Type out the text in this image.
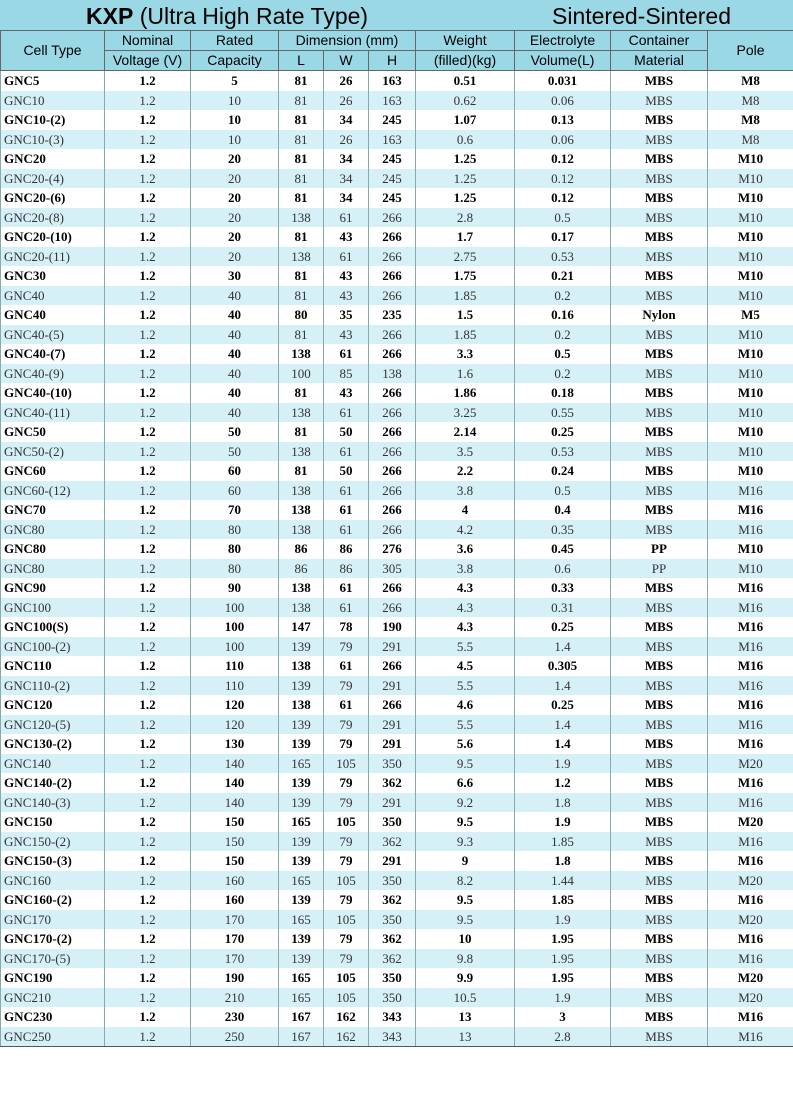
KXP (Ultra High Rate Type)	Sintered-Sintered
Cell Type	Nominal	Rated	Dimension (mm)			Weight	Electrolyte	Container	Pole
	Voltage (V)	Capacity	L	W	H	(filled)(kg)	Volume(L)	Material	
GNC5	1.2	5	81	26	163	0.51	0.031	MBS	M8
GNC10	1.2	10	81	26	163	0.62	0.06	MBS	M8
GNC10-(2)	1.2	10	81	34	245	1.07	0.13	MBS	M8
GNC10-(3)	1.2	10	81	26	163	0.6	0.06	MBS	M8
GNC20	1.2	20	81	34	245	1.25	0.12	MBS	M10
GNC20-(4)	1.2	20	81	34	245	1.25	0.12	MBS	M10
GNC20-(6)	1.2	20	81	34	245	1.25	0.12	MBS	M10
GNC20-(8)	1.2	20	138	61	266	2.8	0.5	MBS	M10
GNC20-(10)	1.2	20	81	43	266	1.7	0.17	MBS	M10
GNC20-(11)	1.2	20	138	61	266	2.75	0.53	MBS	M10
GNC30	1.2	30	81	43	266	1.75	0.21	MBS	M10
GNC40	1.2	40	81	43	266	1.85	0.2	MBS	M10
GNC40	1.2	40	80	35	235	1.5	0.16	Nylon	M5
GNC40-(5)	1.2	40	81	43	266	1.85	0.2	MBS	M10
GNC40-(7)	1.2	40	138	61	266	3.3	0.5	MBS	M10
GNC40-(9)	1.2	40	100	85	138	1.6	0.2	MBS	M10
GNC40-(10)	1.2	40	81	43	266	1.86	0.18	MBS	M10
GNC40-(11)	1.2	40	138	61	266	3.25	0.55	MBS	M10
GNC50	1.2	50	81	50	266	2.14	0.25	MBS	M10
GNC50-(2)	1.2	50	138	61	266	3.5	0.53	MBS	M10
GNC60	1.2	60	81	50	266	2.2	0.24	MBS	M10
GNC60-(12)	1.2	60	138	61	266	3.8	0.5	MBS	M16
GNC70	1.2	70	138	61	266	4	0.4	MBS	M16
GNC80	1.2	80	138	61	266	4.2	0.35	MBS	M16
GNC80	1.2	80	86	86	276	3.6	0.45	PP	M10
GNC80	1.2	80	86	86	305	3.8	0.6	PP	M10
GNC90	1.2	90	138	61	266	4.3	0.33	MBS	M16
GNC100	1.2	100	138	61	266	4.3	0.31	MBS	M16
GNC100(S)	1.2	100	147	78	190	4.3	0.25	MBS	M16
GNC100-(2)	1.2	100	139	79	291	5.5	1.4	MBS	M16
GNC110	1.2	110	138	61	266	4.5	0.305	MBS	M16
GNC110-(2)	1.2	110	139	79	291	5.5	1.4	MBS	M16
GNC120	1.2	120	138	61	266	4.6	0.25	MBS	M16
GNC120-(5)	1.2	120	139	79	291	5.5	1.4	MBS	M16
GNC130-(2)	1.2	130	139	79	291	5.6	1.4	MBS	M16
GNC140	1.2	140	165	105	350	9.5	1.9	MBS	M20
GNC140-(2)	1.2	140	139	79	362	6.6	1.2	MBS	M16
GNC140-(3)	1.2	140	139	79	291	9.2	1.8	MBS	M16
GNC150	1.2	150	165	105	350	9.5	1.9	MBS	M20
GNC150-(2)	1.2	150	139	79	362	9.3	1.85	MBS	M16
GNC150-(3)	1.2	150	139	79	291	9	1.8	MBS	M16
GNC160	1.2	160	165	105	350	8.2	1.44	MBS	M20
GNC160-(2)	1.2	160	139	79	362	9.5	1.85	MBS	M16
GNC170	1.2	170	165	105	350	9.5	1.9	MBS	M20
GNC170-(2)	1.2	170	139	79	362	10	1.95	MBS	M16
GNC170-(5)	1.2	170	139	79	362	9.8	1.95	MBS	M16
GNC190	1.2	190	165	105	350	9.9	1.95	MBS	M20
GNC210	1.2	210	165	105	350	10.5	1.9	MBS	M20
GNC230	1.2	230	167	162	343	13	3	MBS	M16
GNC250	1.2	250	167	162	343	13	2.8	MBS	M16
